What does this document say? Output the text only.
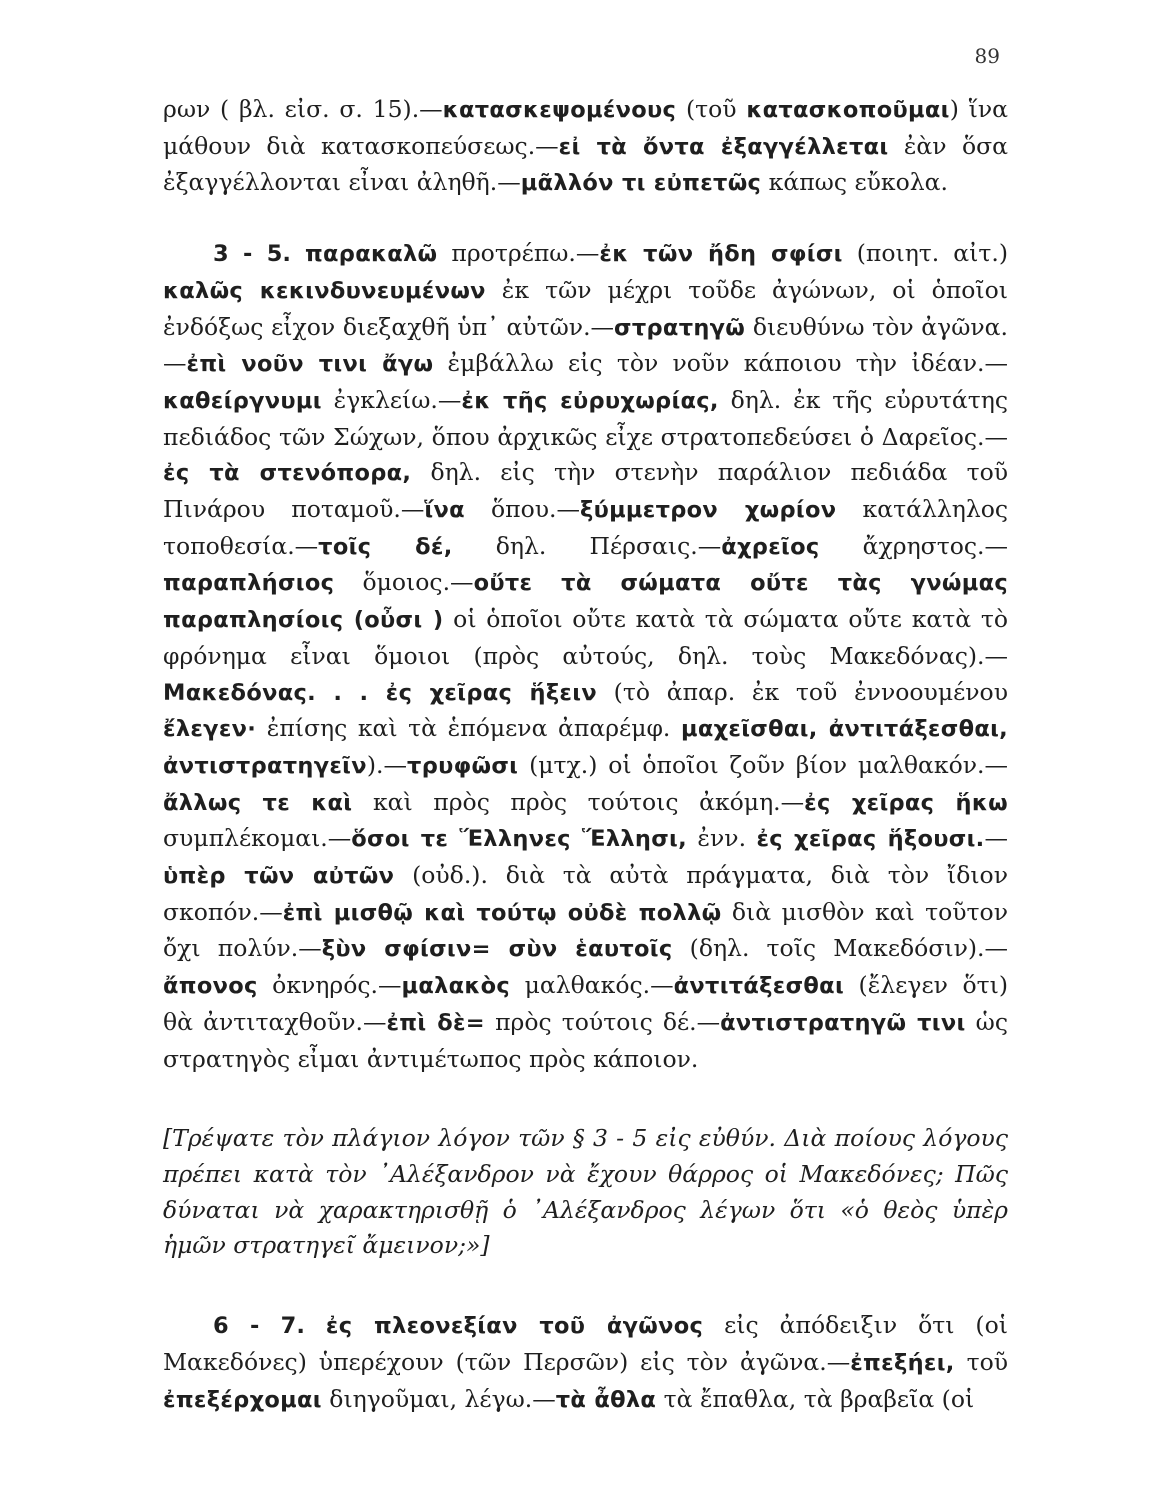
89

ρων ( βλ. εἰσ. σ. 15).—κατασκεψομένους (τοῦ κατασκοποῦμαι) ἵνα μάθουν διὰ κατασκοπεύσεως.—εἰ τὰ ὄντα ἐξαγγέλλεται ἐὰν ὅσα ἐξαγγέλλονται εἶναι ἀληθῆ.—μᾶλλόν τι εὐπετῶς κάπως εὔκολα.

3 - 5. παρακαλῶ προτρέπω.—ἐκ τῶν ἤδη σφίσι (ποιητ. αἰτ.) καλῶς κεκινδυνευμένων ἐκ τῶν μέχρι τοῦδε ἀγώνων, οἱ ὁποῖοι ἐνδόξως εἶχον διεξαχθῆ ὑπ᾿ αὐτῶν.—στρατηγῶ διευθύνω τὸν ἀγῶνα.—ἐπὶ νοῦν τινι ἄγω ἐμβάλλω εἰς τὸν νοῦν κάποιου τὴν ἰδέαν.—καθείργνυμι ἐγκλείω.—ἐκ τῆς εὐρυχωρίας, δηλ. ἐκ τῆς εὐρυτάτης πεδιάδος τῶν Σώχων, ὅπου ἀρχικῶς εἶχε στρατοπεδεύσει ὁ Δαρεῖος.—ἐς τὰ στενόπορα, δηλ. εἰς τὴν στενὴν παράλιον πεδιάδα τοῦ Πινάρου ποταμοῦ.—ἵνα ὅπου.—ξύμμετρον χωρίον κατάλληλος τοποθεσία.—τοῖς δέ, δηλ. Πέρσαις.—ἀχρεῖος ἄχρηστος.—παραπλήσιος ὅμοιος.—οὔτε τὰ σώματα οὔτε τὰς γνώμας παραπλησίοις (οὖσι ) οἱ ὁποῖοι οὔτε κατὰ τὰ σώματα οὔτε κατὰ τὸ φρόνημα εἶναι ὅμοιοι (πρὸς αὐτούς, δηλ. τοὺς Μακεδόνας).—Μακεδόνας. . . ἐς χεῖρας ἥξειν (τὸ ἀπαρ. ἐκ τοῦ ἐννοουμένου ἔλεγεν· ἐπίσης καὶ τὰ ἑπόμενα ἀπαρέμφ. μαχεῖσθαι, ἀντιτάξεσθαι, ἀντιστρατηγεῖν).—τρυφῶσι (μτχ.) οἱ ὁποῖοι ζοῦν βίον μαλθακόν.—ἄλλως τε καὶ καὶ πρὸς πρὸς τούτοις ἀκόμη.—ἐς χεῖρας ἥκω συμπλέκομαι.—ὅσοι τε Ἕλληνες Ἕλλησι, ἐνν. ἐς χεῖρας ἥξουσι.—ὑπὲρ τῶν αὐτῶν (οὐδ.). διὰ τὰ αὐτὰ πράγματα, διὰ τὸν ἴδιον σκοπόν.—ἐπὶ μισθῷ καὶ τούτῳ οὐδὲ πολλῷ διὰ μισθὸν καὶ τοῦτον ὄχι πολύν.—ξὺν σφίσιν= σὺν ἑαυτοῖς (δηλ. τοῖς Μακεδόσιν).—ἄπονος ὀκνηρός.—μαλακὸς μαλθακός.—ἀντιτάξεσθαι (ἔλεγεν ὅτι) θὰ ἀντιταχθοῦν.—ἐπὶ δὲ= πρὸς τούτοις δέ.—ἀντιστρατηγῶ τινι ὡς στρατηγὸς εἶμαι ἀντιμέτωπος πρὸς κάποιον.

[Τρέψατε τὸν πλάγιον λόγον τῶν § 3 - 5 εἰς εὐθύν. Διὰ ποίους λόγους πρέπει κατὰ τὸν ᾿Αλέξανδρον νὰ ἔχουν θάρρος οἱ Μακεδόνες; Πῶς δύναται νὰ χαρακτηρισθῇ ὁ ᾿Αλέξανδρος λέγων ὅτι «ὁ θεὸς ὑπὲρ ἡμῶν στρατηγεῖ ἄμεινον;»]

6 - 7. ἐς πλεονεξίαν τοῦ ἀγῶνος εἰς ἀπόδειξιν ὅτι (οἱ Μακεδόνες) ὑπερέχουν (τῶν Περσῶν) εἰς τὸν ἀγῶνα.—ἐπεξήει, τοῦ ἐπεξέρχομαι διηγοῦμαι, λέγω.—τὰ ἆθλα τὰ ἔπαθλα, τὰ βραβεῖα (οἱ
